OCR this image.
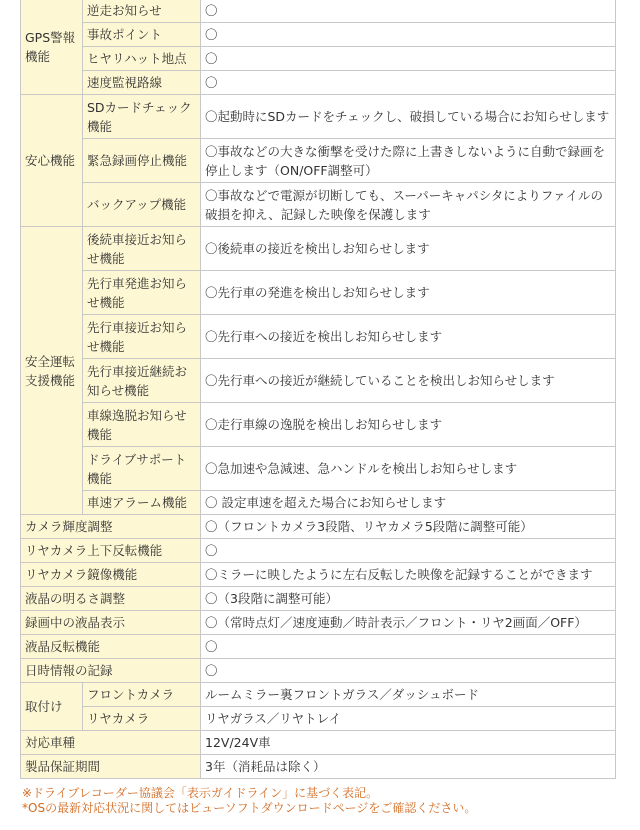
GPS警報機能	逆走お知らせ	〇
	事故ポイント	〇
	ヒヤリハット地点	〇
	速度監視路線	〇
安心機能	SDカードチェック機能	〇起動時にSDカードをチェックし、破損している場合にお知らせします
	緊急録画停止機能	〇事故などの大きな衝撃を受けた際に上書きしないように自動で録画を停止します（ON/OFF調整可）
	バックアップ機能	〇事故などで電源が切断しても、スーパーキャパシタによりファイルの破損を抑え、記録した映像を保護します
安全運転支援機能	後続車接近お知らせ機能	〇後続車の接近を検出しお知らせします
	先行車発進お知らせ機能	〇先行車の発進を検出しお知らせします
	先行車接近お知らせ機能	〇先行車への接近を検出しお知らせします
	先行車接近継続お知らせ機能	〇先行車への接近が継続していることを検出しお知らせします
	車線逸脱お知らせ機能	〇走行車線の逸脱を検出しお知らせします
	ドライブサポート機能	〇急加速や急減速、急ハンドルを検出しお知らせします
	車速アラーム機能	〇 設定車速を超えた場合にお知らせします
カメラ輝度調整		〇（フロントカメラ3段階、リヤカメラ5段階に調整可能）
リヤカメラ上下反転機能		〇
リヤカメラ鏡像機能		〇ミラーに映したように左右反転した映像を記録することができます
液晶の明るさ調整		〇（3段階に調整可能）
録画中の液晶表示		〇（常時点灯／速度連動／時計表示／フロント・リヤ2画面／OFF）
液晶反転機能		〇
日時情報の記録		〇
取付け	フロントカメラ	ルームミラー裏フロントガラス／ダッシュボード
	リヤカメラ	リヤガラス／リヤトレイ
対応車種		12V/24V車
製品保証期間		3年（消耗品は除く）
※ドライブレコーダー協議会「表示ガイドライン」に基づく表記。
*OSの最新対応状況に関してはビューソフトダウンロードページをご確認ください。
